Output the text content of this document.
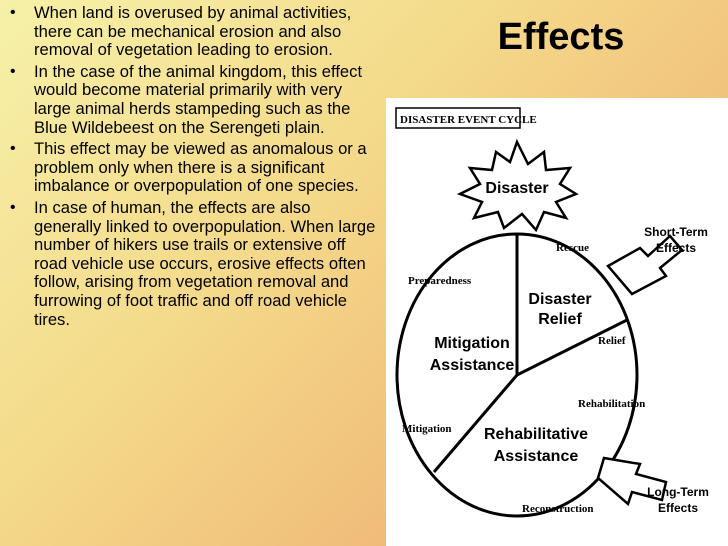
• When land is overused by animal activities, there can be mechanical erosion and also removal of vegetation leading to erosion.
• In the case of the animal kingdom, this effect would become material primarily with very large animal herds stampeding such as the Blue Wildebeest on the Serengeti plain.
• This effect may be viewed as anomalous or a problem only when there is a significant imbalance or overpopulation of one species.
• In case of human, the effects are also generally linked to overpopulation. When large number of hikers use trails or extensive off road vehicle use occurs, erosive effects often follow, arising from vegetation removal and furrowing of foot traffic and off road vehicle tires.
Effects
DISASTER EVENT CYCLE
Disaster
Disaster
Relief
Mitigation
Assistance
Rehabilitative
Assistance
Rescue
Preparedness
Relief
Rehabilitation
Mitigation
Reconstruction
Short-Term
Effects
Long-Term
Effects
